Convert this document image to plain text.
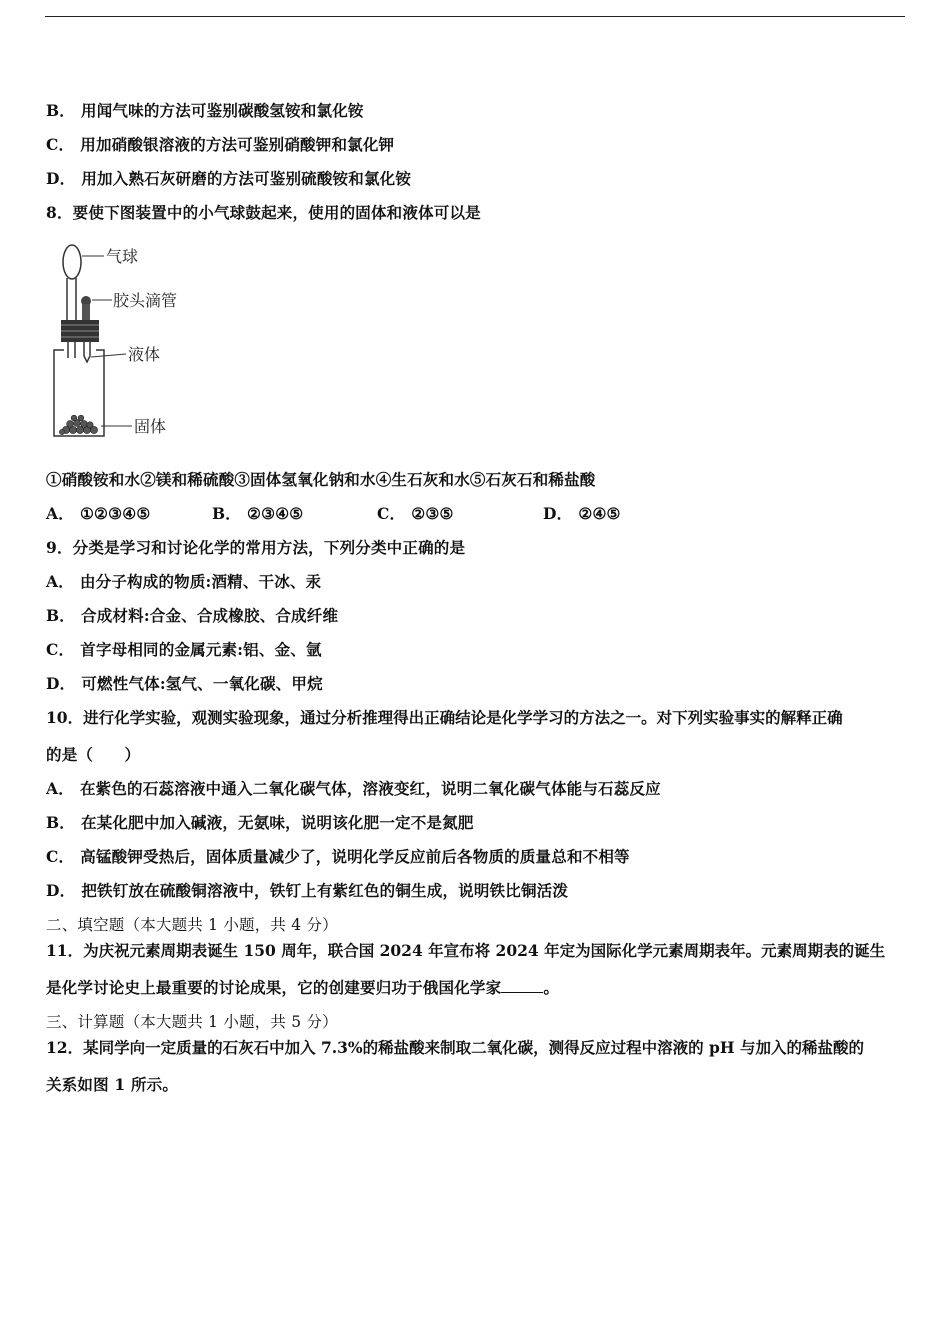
B． 用闻气味的方法可鉴别碳酸氢铵和氯化铵
C． 用加硝酸银溶液的方法可鉴别硝酸钾和氯化钾
D． 用加入熟石灰研磨的方法可鉴别硫酸铵和氯化铵
8．要使下图装置中的小气球鼓起来，使用的固体和液体可以是
气球
胶头滴管
液体
固体
①硝酸铵和水②镁和稀硫酸③固体氢氧化钠和水④生石灰和水⑤石灰石和稀盐酸
A． ①②③④⑤	B． ②③④⑤	C． ②③⑤	D． ②④⑤
9．分类是学习和讨论化学的常用方法，下列分类中正确的是
A． 由分子构成的物质:酒精、干冰、汞
B． 合成材料:合金、合成橡胶、合成纤维
C． 首字母相同的金属元素:铝、金、氩
D． 可燃性气体:氢气、一氧化碳、甲烷
10．进行化学实验，观测实验现象，通过分析推理得出正确结论是化学学习的方法之一。对下列实验事实的解释正确
的是（　　）
A． 在紫色的石蕊溶液中通入二氧化碳气体，溶液变红，说明二氧化碳气体能与石蕊反应
B． 在某化肥中加入碱液，无氨味，说明该化肥一定不是氮肥
C． 高锰酸钾受热后，固体质量减少了，说明化学反应前后各物质的质量总和不相等
D． 把铁钉放在硫酸铜溶液中，铁钉上有紫红色的铜生成，说明铁比铜活泼
二、填空题（本大题共 1 小题，共 4 分）
11．为庆祝元素周期表诞生 150 周年，联合国 2024 年宣布将 2024 年定为国际化学元素周期表年。元素周期表的诞生
是化学讨论史上最重要的讨论成果，它的创建要归功于俄国化学家	。
三、计算题（本大题共 1 小题，共 5 分）
12．某同学向一定质量的石灰石中加入 7.3%的稀盐酸来制取二氧化碳，测得反应过程中溶液的 pH 与加入的稀盐酸的
关系如图 1 所示。
